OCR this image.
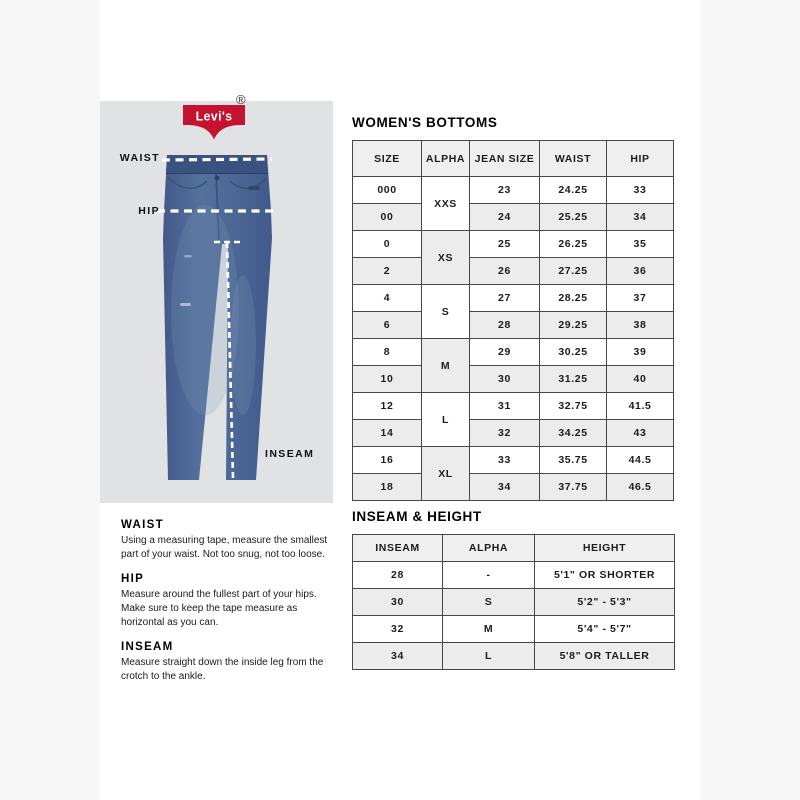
Levi's
®
WAIST
HIP
INSEAM
WOMEN'S BOTTOMS
SIZE	ALPHA	JEAN SIZE	WAIST	HIP
000	XXS	23	24.25	33
00		24	25.25	34
0	XS	25	26.25	35
2		26	27.25	36
4	S	27	28.25	37
6		28	29.25	38
8	M	29	30.25	39
10		30	31.25	40
12	L	31	32.75	41.5
14		32	34.25	43
16	XL	33	35.75	44.5
18		34	37.75	46.5
INSEAM & HEIGHT
INSEAM	ALPHA	HEIGHT
28	-	5'1" OR SHORTER
30	S	5'2" - 5'3"
32	M	5'4" - 5'7"
34	L	5'8" OR TALLER
WAIST
Using a measuring tape, measure the smallest part of your waist. Not too snug, not too loose.
HIP
Measure around the fullest part of your hips. Make sure to keep the tape measure as horizontal as you can.
INSEAM
Measure straight down the inside leg from the crotch to the ankle.
